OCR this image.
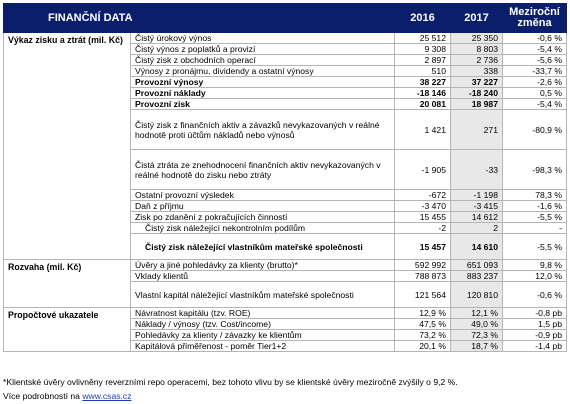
FINANČNÍ DATA		2016	2017	Meziroční
změna
Výkaz zisku a ztrát (mil. Kč)	Čistý úrokový výnos	25 512	25 350	-0,6 %
	Čistý výnos z poplatků a provizí	9 308	8 803	-5,4 %
	Čistý zisk z obchodních operací	2 897	2 736	-5,6 %
	Výnosy z pronájmu, dividendy a ostatní výnosy	510	338	-33,7 %
	Provozní výnosy	38 227	37 227	-2,6 %
	Provozní náklady	-18 146	-18 240	0,5 %
	Provozní zisk	20 081	18 987	-5,4 %
	Čistý zisk z finančních aktiv a závazků nevykazovaných v reálné hodnotě proti účtům nákladů nebo výnosů	1 421	271	-80,9 %
	Čistá ztráta ze znehodnocení finančních aktiv nevykazovaných v reálné hodnotě do zisku nebo ztráty	-1 905	-33	-98,3 %
	Ostatní provozní výsledek	-672	-1 198	78,3 %
	Daň z příjmu	-3 470	-3 415	-1,6 %
	Zisk po zdanění z pokračujících činností	15 455	14 612	-5,5 %
	Čistý zisk náležející nekontrolním podílům	-2	2	-
	Čistý zisk náležející vlastníkům mateřské společnosti	15 457	14 610	-5,5 %
Rozvaha (mil. Kč)	Úvěry a jiné pohledávky za klienty (brutto)*	592 992	651 093	9,8 %
	Vklady klientů	788 873	883 237	12,0 %
	Vlastní kapitál náležející vlastníkům mateřské společnosti	121 564	120 810	-0,6 %
Propočtové ukazatele	Návratnost kapitálu (tzv. ROE)	12,9 %	12,1 %	-0,8 pb
	Náklady / výnosy (tzv. Cost/income)	47,5 %	49,0 %	1,5 pb
	Pohledávky za klienty / závazky ke klientům	73,2 %	72,3 %	-0,9 pb
	Kapitálová přiměřenost - poměr Tier1+2	20,1 %	18,7 %	-1,4 pb
*Klientské úvěry ovlivněny reverzními repo operacemi, bez tohoto vlivu by se klientské úvěry meziročně zvýšily o 9,2 %.
Více podrobností na www.csas.cz
